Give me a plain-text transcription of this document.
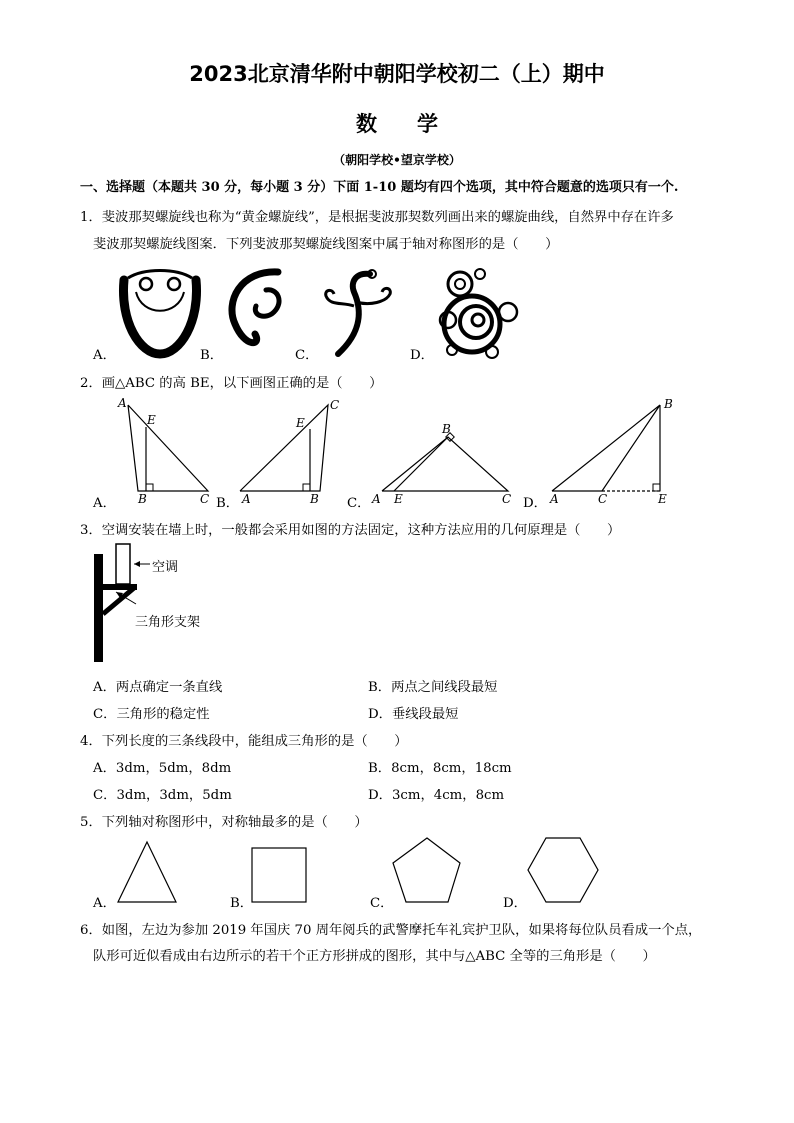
2023北京清华附中朝阳学校初二（上）期中
数学
（朝阳学校•望京学校）
一、选择题（本题共 30 分，每小题 3 分）下面 1-10 题均有四个选项，其中符合题意的选项只有一个.
1．斐波那契螺旋线也称为“黄金螺旋线”，是根据斐波那契数列画出来的螺旋曲线，自然界中存在许多
斐波那契螺旋线图案．下列斐波那契螺旋线图案中属于轴对称图形的是（　　）
A．	B．	C．	D．
2．画△ABC 的高 BE，以下画图正确的是（　　）
A
E
B	C	A
E
B
C
A E
B
C	A	C
B
E
A．	B．	C．	D．
3．空调安装在墙上时，一般都会采用如图的方法固定，这种方法应用的几何原理是（　　）
空调
三角形支架
A．两点确定一条直线	B．两点之间线段最短
C．三角形的稳定性	D．垂线段最短
4．下列长度的三条线段中，能组成三角形的是（　　）
A．3dm，5dm，8dm	B．8cm，8cm，18cm
C．3dm，3dm，5dm	D．3cm，4cm，8cm
5．下列轴对称图形中，对称轴最多的是（　　）
A．	B．	C．	D．
6．如图，左边为参加 2019 年国庆 70 周年阅兵的武警摩托车礼宾护卫队，如果将每位队员看成一个点，
队形可近似看成由右边所示的若干个正方形拼成的图形，其中与△ABC 全等的三角形是（　　）
